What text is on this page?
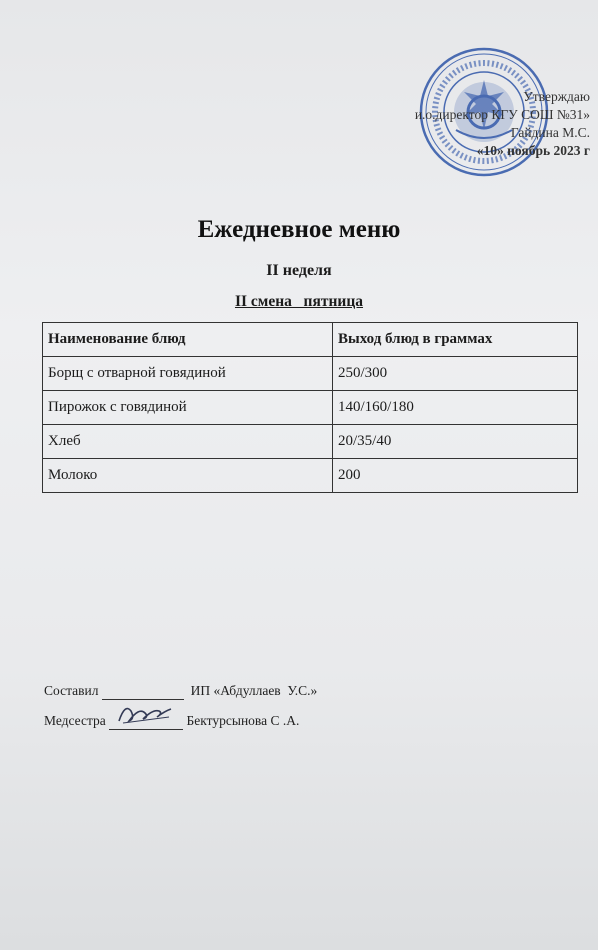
Утверждаю
и.о.директор КГУ СОШ №31»
Гайдина М.С.
«10» ноябрь 2023 г
Ежедневное меню
II неделя
II смена   пятница
Наименование блюд	Выход блюд в граммах
Борщ с отварной говядиной	250/300
Пирожок с говядиной	140/160/180
Хлеб	20/35/40
Молоко	200
Составил	ИП «Абдуллаев  У.С.»
Медсестра	Бектурсынова С .А.
